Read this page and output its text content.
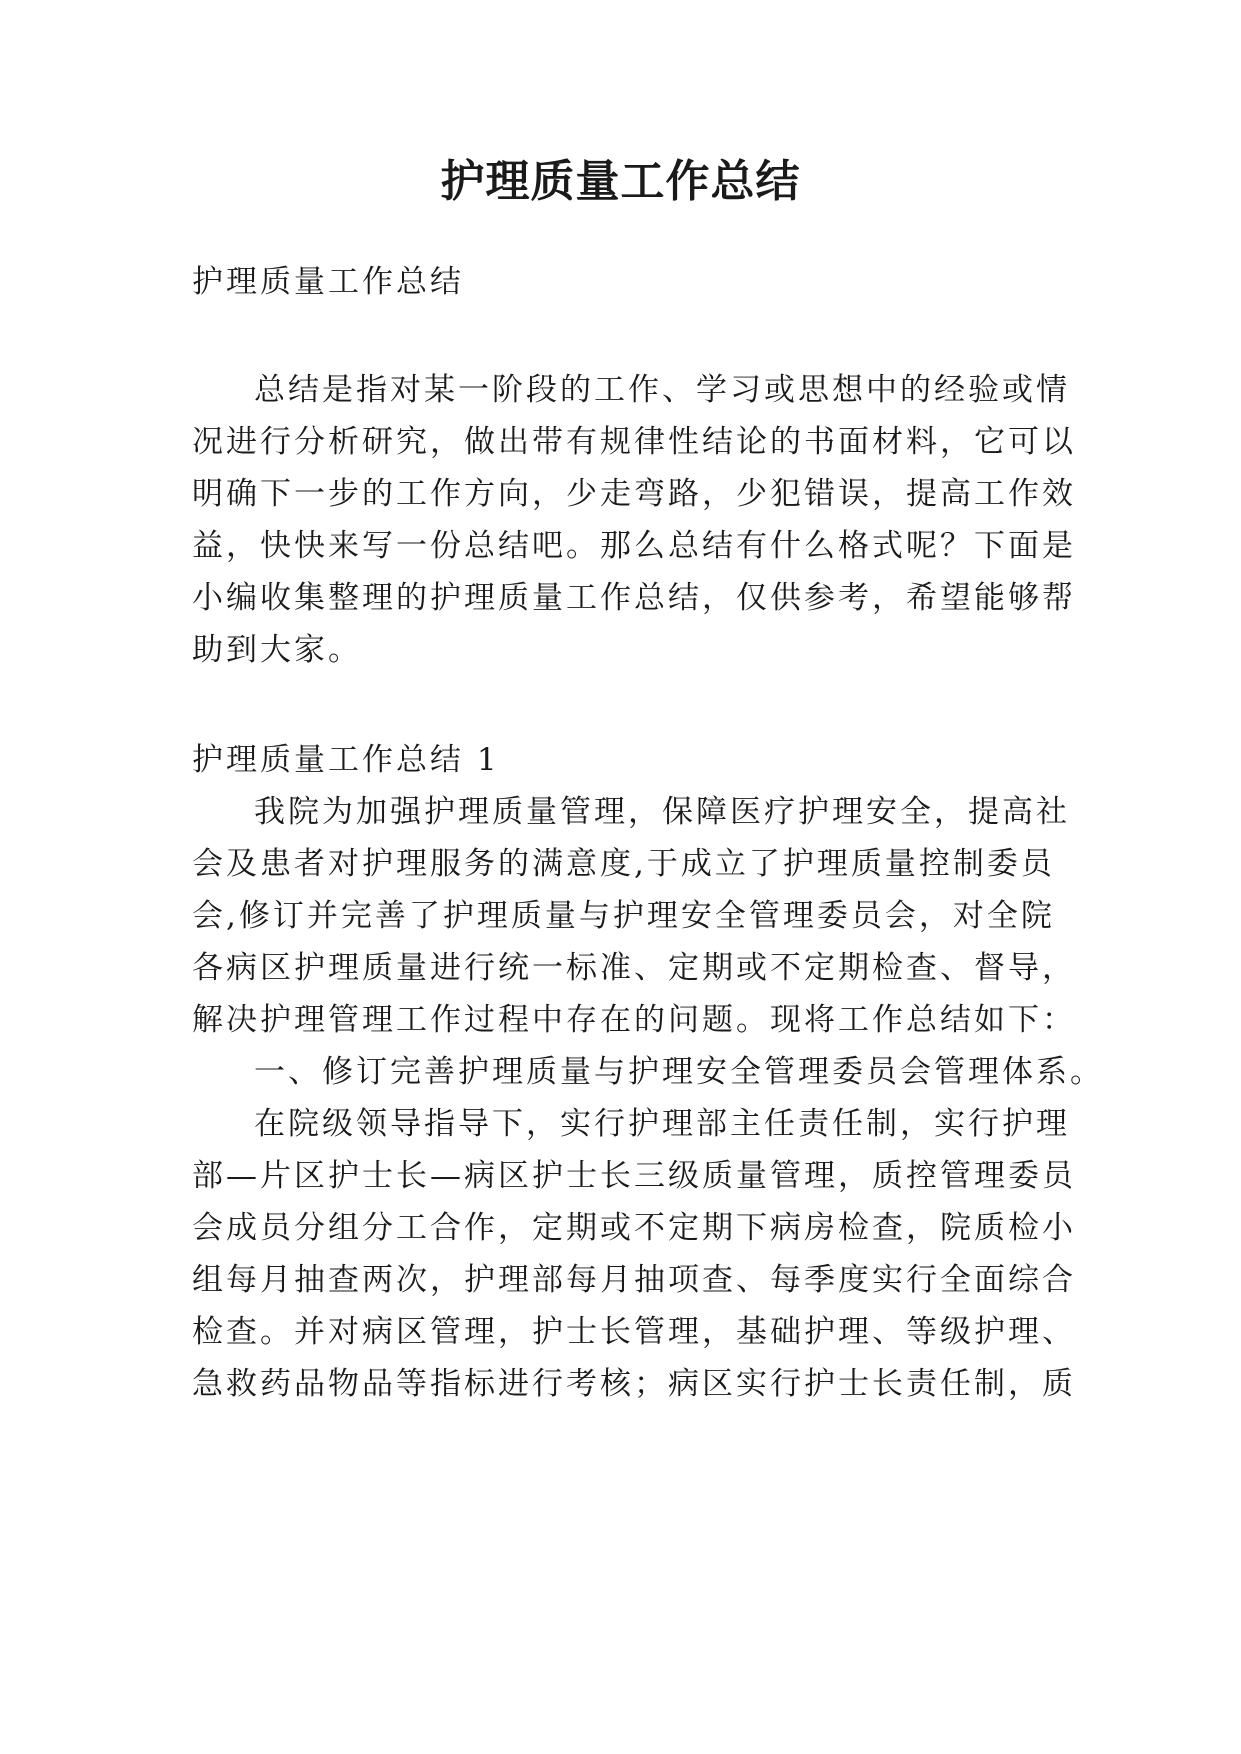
护理质量工作总结
护理质量工作总结
总结是指对某一阶段的工作、学习或思想中的经验或情
况进行分析研究，做出带有规律性结论的书面材料，它可以
明确下一步的工作方向，少走弯路，少犯错误，提高工作效
益，快快来写一份总结吧。那么总结有什么格式呢？下面是
小编收集整理的护理质量工作总结，仅供参考，希望能够帮
助到大家。
护理质量工作总结 1
我院为加强护理质量管理，保障医疗护理安全，提高社
会及患者对护理服务的满意度,于成立了护理质量控制委员
会,修订并完善了护理质量与护理安全管理委员会，对全院
各病区护理质量进行统一标准、定期或不定期检查、督导，
解决护理管理工作过程中存在的问题。现将工作总结如下：
一、修订完善护理质量与护理安全管理委员会管理体系。
在院级领导指导下，实行护理部主任责任制，实行护理
部—片区护士长—病区护士长三级质量管理，质控管理委员
会成员分组分工合作，定期或不定期下病房检查，院质检小
组每月抽查两次，护理部每月抽项查、每季度实行全面综合
检查。并对病区管理，护士长管理，基础护理、等级护理、
急救药品物品等指标进行考核；病区实行护士长责任制，质
